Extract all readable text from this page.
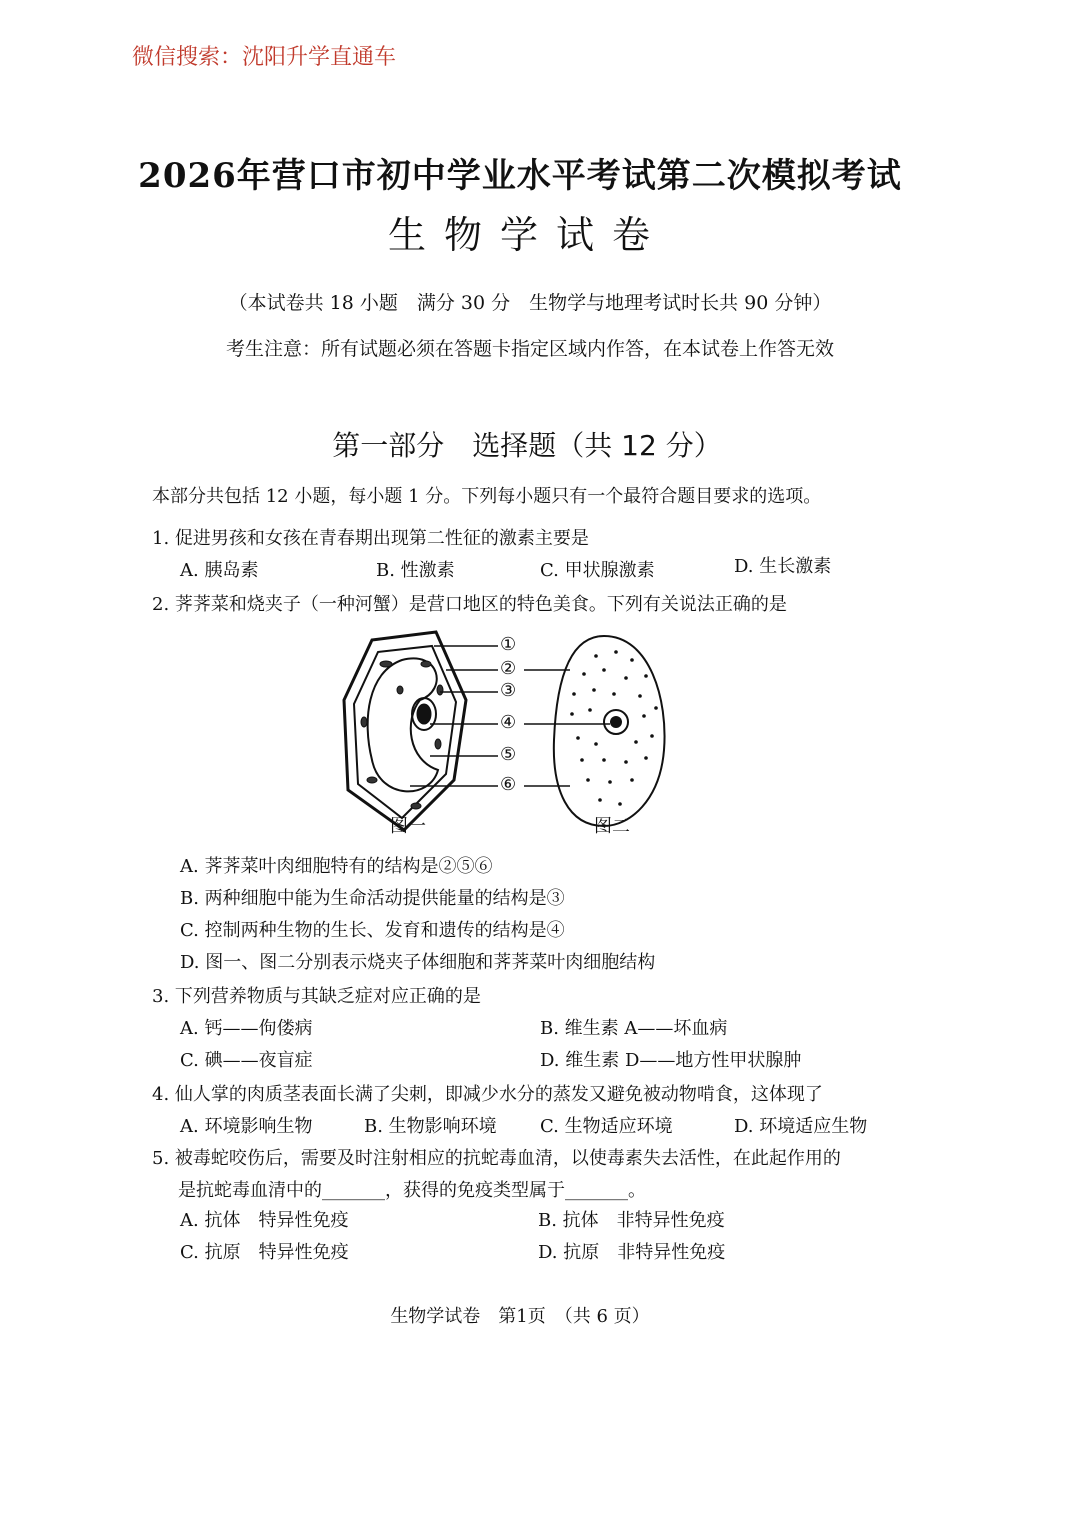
微信搜索：沈阳升学直通车
2026年营口市初中学业水平考试第二次模拟考试
生物学试卷
（本试卷共 18 小题　满分 30 分　生物学与地理考试时长共 90 分钟）
考生注意：所有试题必须在答题卡指定区域内作答，在本试卷上作答无效
第一部分　选择题（共 12 分）
本部分共包括 12 小题，每小题 1 分。下列每小题只有一个最符合题目要求的选项。
1. 促进男孩和女孩在青春期出现第二性征的激素主要是
A. 胰岛素	B. 性激素	C. 甲状腺激素	D. 生长激素
2. 荠荠菜和烧夹子（一种河蟹）是营口地区的特色美食。下列有关说法正确的是
①
②
③
④
⑤
⑥
图一	图二
A. 荠荠菜叶肉细胞特有的结构是②⑤⑥
B. 两种细胞中能为生命活动提供能量的结构是③
C. 控制两种生物的生长、发育和遗传的结构是④
D. 图一、图二分别表示烧夹子体细胞和荠荠菜叶肉细胞结构
3. 下列营养物质与其缺乏症对应正确的是
A. 钙——佝偻病	B. 维生素 A——坏血病
C. 碘——夜盲症	D. 维生素 D——地方性甲状腺肿
4. 仙人掌的肉质茎表面长满了尖刺，即减少水分的蒸发又避免被动物啃食，这体现了
A. 环境影响生物	B. 生物影响环境 C. 生物适应环境	D. 环境适应生物
5. 被毒蛇咬伤后，需要及时注射相应的抗蛇毒血清，以使毒素失去活性，在此起作用的
是抗蛇毒血清中的_______，获得的免疫类型属于_______。
A. 抗体　特异性免疫	B. 抗体　非特异性免疫
C. 抗原　特异性免疫	D. 抗原　非特异性免疫
生物学试卷　第1页　（共 6 页）
